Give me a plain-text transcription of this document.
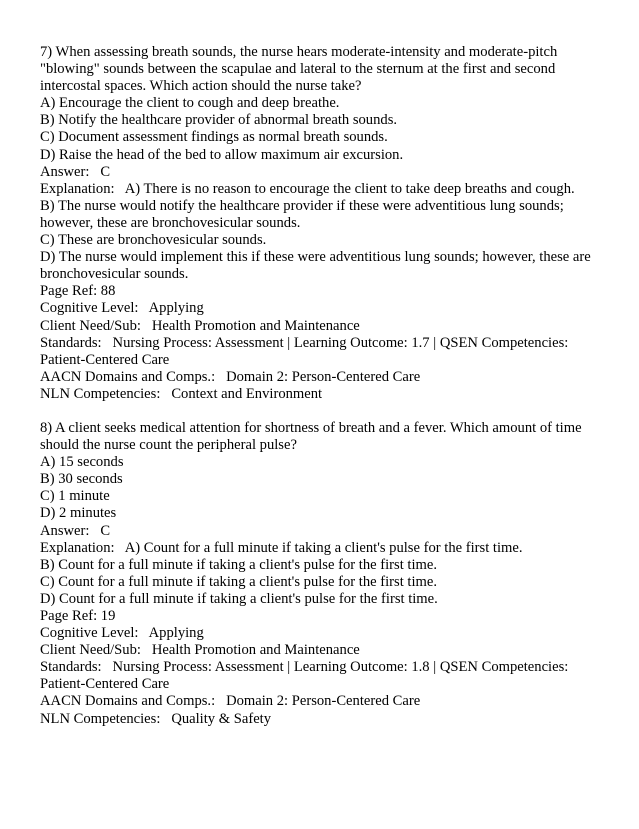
7) When assessing breath sounds, the nurse hears moderate-intensity and moderate-pitch "blowing" sounds between the scapulae and lateral to the sternum at the first and second intercostal spaces. Which action should the nurse take?
A) Encourage the client to cough and deep breathe.
B) Notify the healthcare provider of abnormal breath sounds.
C) Document assessment findings as normal breath sounds.
D) Raise the head of the bed to allow maximum air excursion.
Answer:   C
Explanation:   A) There is no reason to encourage the client to take deep breaths and cough.
B) The nurse would notify the healthcare provider if these were adventitious lung sounds; however, these are bronchovesicular sounds.
C) These are bronchovesicular sounds.
D) The nurse would implement this if these were adventitious lung sounds; however, these are bronchovesicular sounds.
Page Ref: 88
Cognitive Level:   Applying
Client Need/Sub:   Health Promotion and Maintenance
Standards:   Nursing Process: Assessment | Learning Outcome: 1.7 | QSEN Competencies: Patient-Centered Care
AACN Domains and Comps.:   Domain 2: Person-Centered Care
NLN Competencies:   Context and Environment
8) A client seeks medical attention for shortness of breath and a fever. Which amount of time should the nurse count the peripheral pulse?
A) 15 seconds
B) 30 seconds
C) 1 minute
D) 2 minutes
Answer:   C
Explanation:   A) Count for a full minute if taking a client's pulse for the first time.
B) Count for a full minute if taking a client's pulse for the first time.
C) Count for a full minute if taking a client's pulse for the first time.
D) Count for a full minute if taking a client's pulse for the first time.
Page Ref: 19
Cognitive Level:   Applying
Client Need/Sub:   Health Promotion and Maintenance
Standards:   Nursing Process: Assessment | Learning Outcome: 1.8 | QSEN Competencies: Patient-Centered Care
AACN Domains and Comps.:   Domain 2: Person-Centered Care
NLN Competencies:   Quality & Safety
